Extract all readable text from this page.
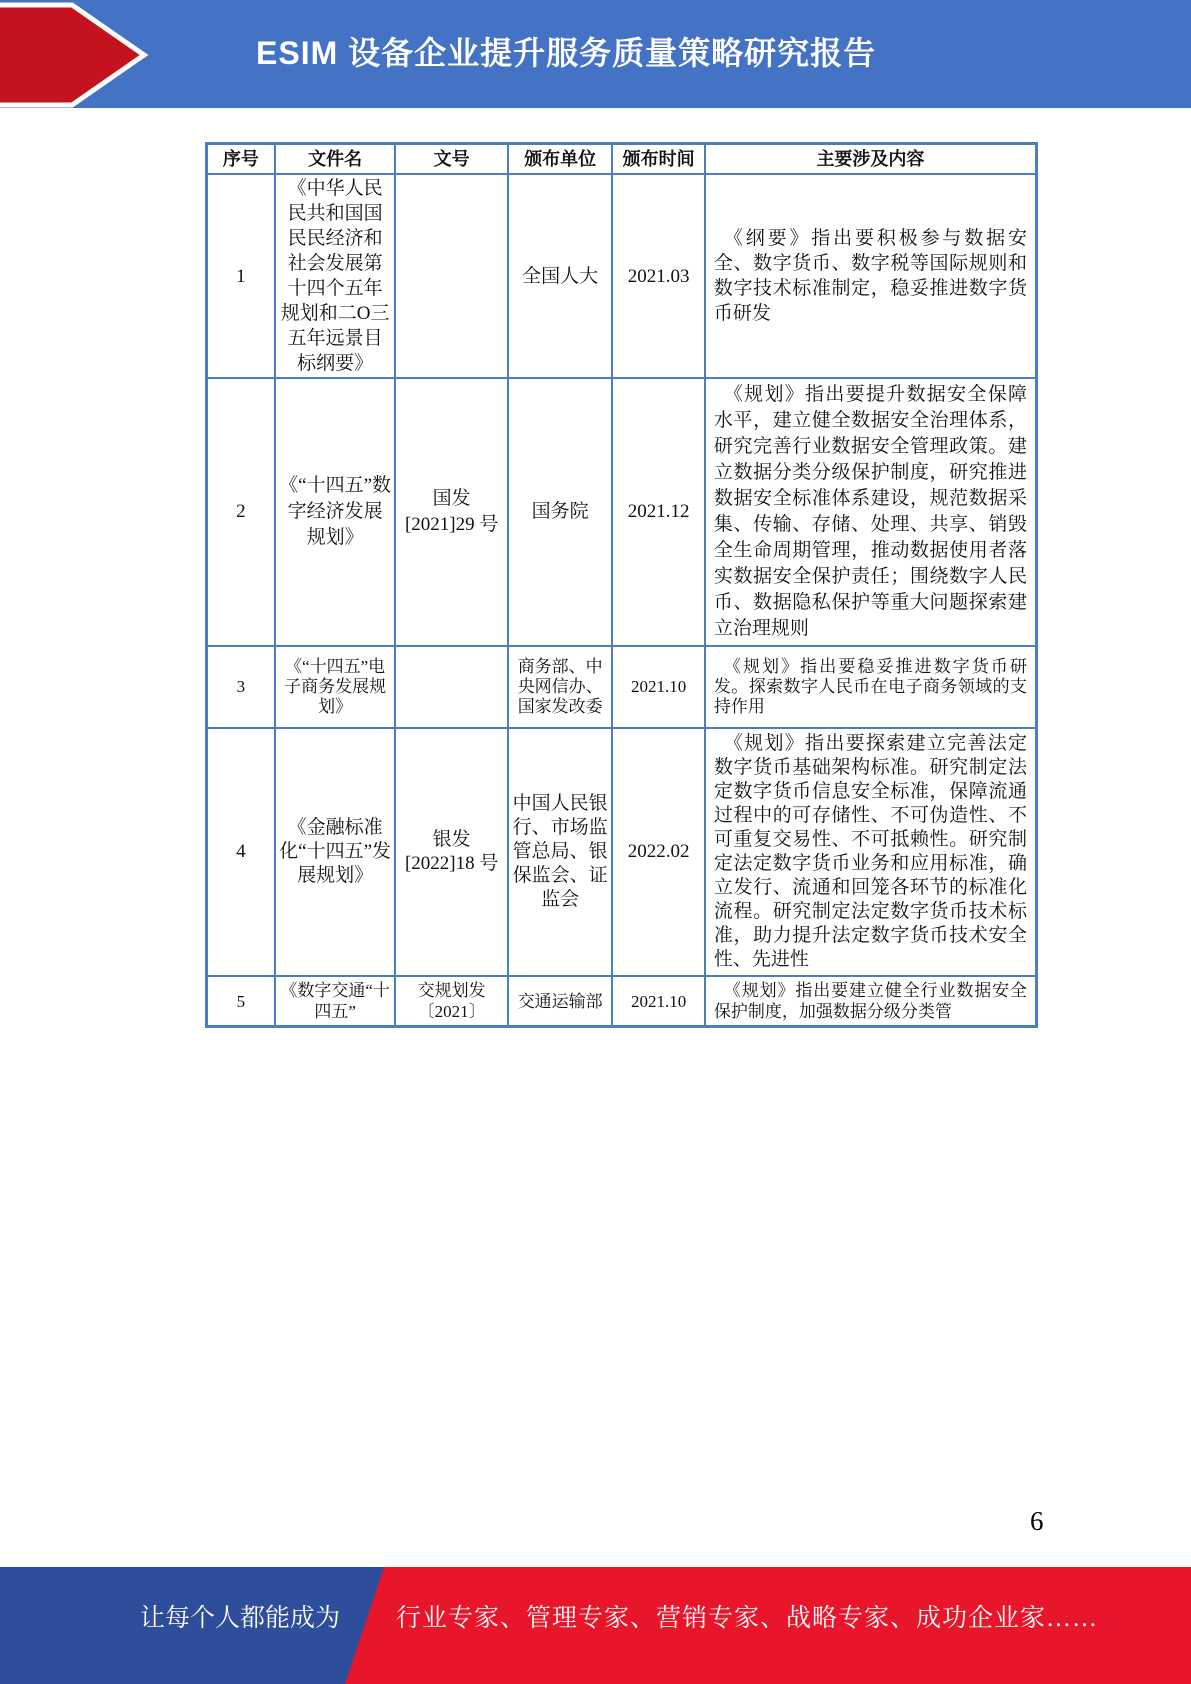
ESIM 设备企业提升服务质量策略研究报告
序号	文件名	文号	颁布单位	颁布时间	主要涉及内容
1	《中华人民民共和国国民民经济和社会发展第十四个五年规划和二O三五年远景目标纲要》		全国人大	2021.03	《纲要》指出要积极参与数据安全、数字货币、数字税等国际规则和数字技术标准制定，稳妥推进数字货币研发
2	《“十四五”数字经济发展规划》	国发[2021]29 号	国务院	2021.12	《规划》指出要提升数据安全保障水平，建立健全数据安全治理体系，研究完善行业数据安全管理政策。建立数据分类分级保护制度，研究推进数据安全标准体系建设，规范数据采集、传输、存储、处理、共享、销毁全生命周期管理，推动数据使用者落实数据安全保护责任；围绕数字人民币、数据隐私保护等重大问题探索建立治理规则
3	《“十四五”电子商务发展规划》		商务部、中央网信办、国家发改委	2021.10	《规划》指出要稳妥推进数字货币研发。探索数字人民币在电子商务领域的支持作用
4	《金融标准化“十四五”发展规划》	银发[2022]18 号	中国人民银行、市场监管总局、银保监会、证监会	2022.02	《规划》指出要探索建立完善法定数字货币基础架构标准。研究制定法定数字货币信息安全标准，保障流通过程中的可存储性、不可伪造性、不可重复交易性、不可抵赖性。研究制定法定数字货币业务和应用标准，确立发行、流通和回笼各环节的标准化流程。研究制定法定数字货币技术标准，助力提升法定数字货币技术安全性、先进性
5	《数字交通“十四五”	交规划发〔2021〕	交通运输部	2021.10	《规划》指出要建立健全行业数据安全保护制度，加强数据分级分类管
6
让每个人都能成为 行业专家、管理专家、营销专家、战略专家、成功企业家……
